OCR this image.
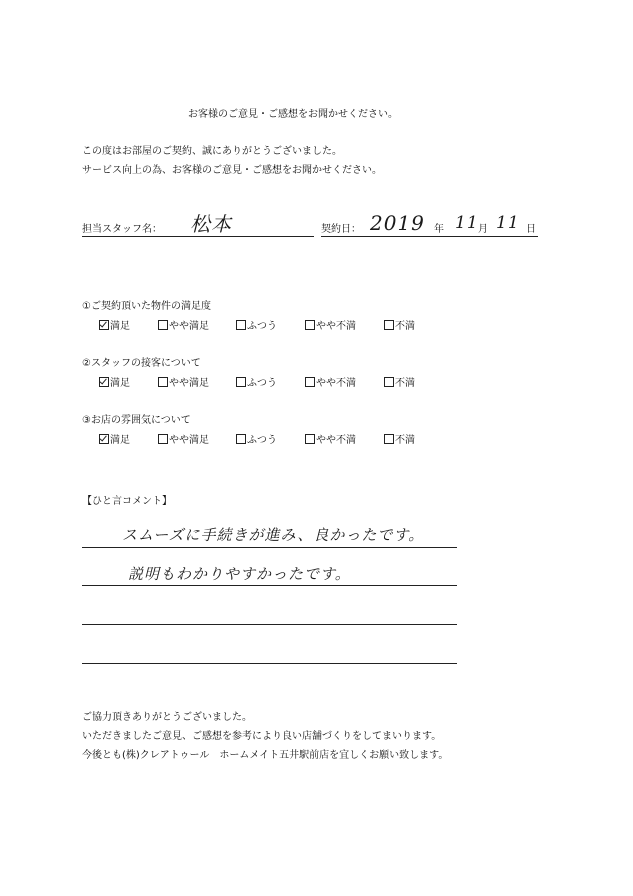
お客様のご意見・ご感想をお聞かせください。
この度はお部屋のご契約、誠にありがとうございました。
サービス向上の為、お客様のご意見・ご感想をお聞かせください。
担当スタッフ名： 松本	契約日： 2019 年 11 月 11 日
①ご契約頂いた物件の満足度
満足	やや満足	ふつう	やや不満	不満
②スタッフの接客について
満足	やや満足	ふつう	やや不満	不満
③お店の雰囲気について
満足	やや満足	ふつう	やや不満	不満
【ひと言コメント】
スムーズに手続きが進み、良かったです。
説明もわかりやすかったです。
ご協力頂きありがとうございました。
いただきましたご意見、ご感想を参考により良い店舗づくりをしてまいります。
今後とも(株)クレアトゥール　ホームメイト五井駅前店を宜しくお願い致します。
